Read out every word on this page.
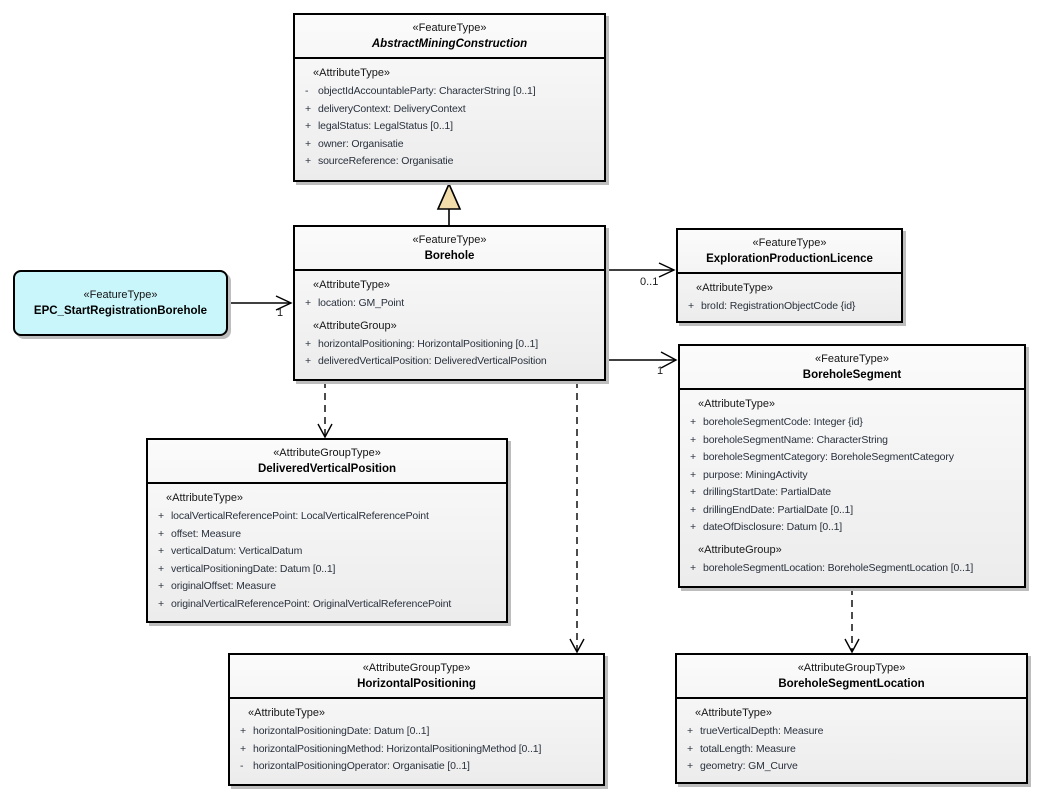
«FeatureType»
AbstractMiningConstruction
«AttributeType»
- objectIdAccountableParty: CharacterString [0..1]
+ deliveryContext: DeliveryContext
+ legalStatus: LegalStatus [0..1]
+ owner: Organisatie
+ sourceReference: Organisatie
«FeatureType»
Borehole
«AttributeType»
+ location: GM_Point
«AttributeGroup»
+ horizontalPositioning: HorizontalPositioning [0..1]
+ deliveredVerticalPosition: DeliveredVerticalPosition
«FeatureType»
EPC_StartRegistrationBorehole
«FeatureType»
ExplorationProductionLicence
«AttributeType»
+ broId: RegistrationObjectCode {id}
«FeatureType»
BoreholeSegment
«AttributeType»
+ boreholeSegmentCode: Integer {id}
+ boreholeSegmentName: CharacterString
+ boreholeSegmentCategory: BoreholeSegmentCategory
+ purpose: MiningActivity
+ drillingStartDate: PartialDate
+ drillingEndDate: PartialDate [0..1]
+ dateOfDisclosure: Datum [0..1]
«AttributeGroup»
+ boreholeSegmentLocation: BoreholeSegmentLocation [0..1]
«AttributeGroupType»
DeliveredVerticalPosition
«AttributeType»
+ localVerticalReferencePoint: LocalVerticalReferencePoint
+ offset: Measure
+ verticalDatum: VerticalDatum
+ verticalPositioningDate: Datum [0..1]
+ originalOffset: Measure
+ originalVerticalReferencePoint: OriginalVerticalReferencePoint
«AttributeGroupType»
HorizontalPositioning
«AttributeType»
+ horizontalPositioningDate: Datum [0..1]
+ horizontalPositioningMethod: HorizontalPositioningMethod [0..1]
- horizontalPositioningOperator: Organisatie [0..1]
«AttributeGroupType»
BoreholeSegmentLocation
«AttributeType»
+ trueVerticalDepth: Measure
+ totalLength: Measure
+ geometry: GM_Curve
1
0..1
1
